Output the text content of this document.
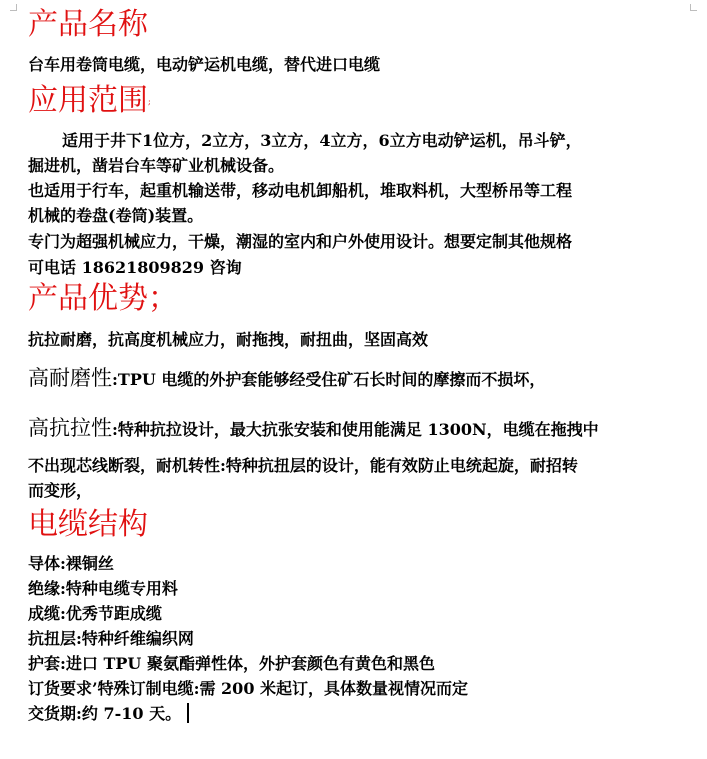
产品名称
台车用卷筒电缆，电动铲运机电缆，替代进口电缆
应用范围;
适用于井下1位方，2立方，3立方，4立方，6立方电动铲运机，吊斗铲，
掘进机，凿岩台车等矿业机械设备。
也适用于行车，起重机输送带，移动电机卸船机，堆取料机，大型桥吊等工程
机械的卷盘(卷筒)装置。
专门为超强机械应力，干燥，潮湿的室内和户外使用设计。想要定制其他规格
可电话 18621809829 咨询
产品优势；
抗拉耐磨，抗高度机械应力，耐拖拽，耐扭曲，坚固高效
高耐磨性:TPU 电缆的外护套能够经受住矿石长时间的摩擦而不损坏，
高抗拉性:特种抗拉设计，最大抗张安装和使用能满足 1300N，电缆在拖拽中
不出现芯线断裂，耐机转性:特种抗扭层的设计，能有效防止电统起旋，耐招转
而变形，
电缆结构
导体:裸铜丝
绝缘:特种电缆专用料
成缆:优秀节距成缆
抗扭层:特种纤维编织网
护套:进口 TPU 聚氨酯弹性体，外护套颜色有黄色和黑色
订货要求’特殊订制电缆:需 200 米起订，具体数量视情况而定
交货期:约 7-10 天。
